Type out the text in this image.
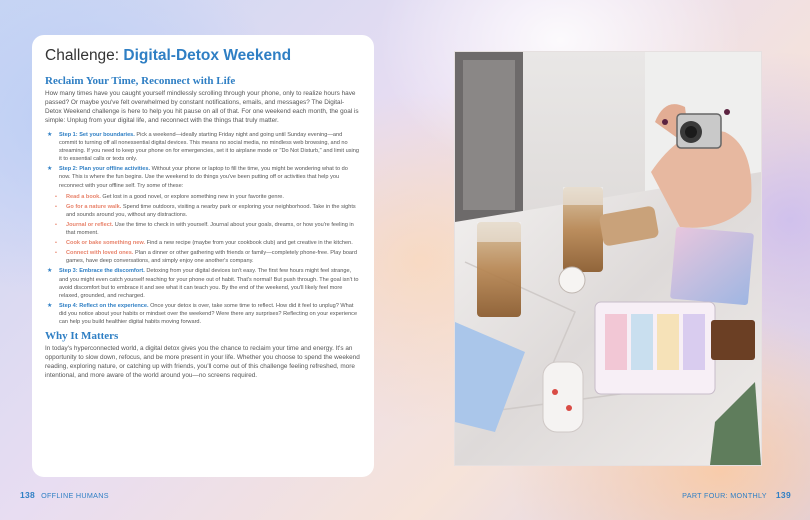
Challenge: Digital-Detox Weekend
Reclaim Your Time, Reconnect with Life

How many times have you caught yourself mindlessly scrolling through your phone, only to realize hours have passed? Or maybe you've felt overwhelmed by constant notifications, emails, and messages? The Digital-Detox Weekend challenge is here to help you hit pause on all of that. For one weekend each month, the goal is simple: Unplug from your digital life, and reconnect with the things that truly matter.

★ Step 1: Set your boundaries. Pick a weekend—ideally starting Friday night and going until Sunday evening—and commit to turning off all nonessential digital devices. This means no social media, no mindless web browsing, and no streaming. If you need to keep your phone on for emergencies, set it to airplane mode or "Do Not Disturb," and limit using it to essential calls or texts only.
★ Step 2: Plan your offline activities. Without your phone or laptop to fill the time, you might be wondering what to do now. This is where the fun begins. Use the weekend to do things you've been putting off or activities that help you reconnect with your offline self. Try some of these:
• Read a book. Get lost in a good novel, or explore something new in your favorite genre.
• Go for a nature walk. Spend time outdoors, visiting a nearby park or exploring your neighborhood. Take in the sights and sounds around you, without any distractions.
• Journal or reflect. Use the time to check in with yourself. Journal about your goals, dreams, or how you're feeling in that moment.
• Cook or bake something new. Find a new recipe (maybe from your cookbook club) and get creative in the kitchen.
• Connect with loved ones. Plan a dinner or other gathering with friends or family—completely phone-free. Play board games, have deep conversations, and simply enjoy one another's company.
★ Step 3: Embrace the discomfort. Detoxing from your digital devices isn't easy. The first few hours might feel strange, and you might even catch yourself reaching for your phone out of habit. That's normal! But push through. The goal isn't to avoid discomfort but to embrace it and see what it can teach you. By the end of the weekend, you'll likely feel more relaxed, grounded, and recharged.
★ Step 4: Reflect on the experience. Once your detox is over, take some time to reflect. How did it feel to unplug? What did you notice about your habits or mindset over the weekend? Were there any surprises? Reflecting on your experience can help you build healthier digital habits moving forward.
Why It Matters

In today's hyperconnected world, a digital detox gives you the chance to reclaim your time and energy. It's an opportunity to slow down, refocus, and be more present in your life. Whether you choose to spend the weekend reading, exploring nature, or catching up with friends, you'll come out of this challenge feeling refreshed, more intentional, and more aware of the world around you—no screens required.

138 OFFLINE HUMANS	PART FOUR: MONTHLY 139
